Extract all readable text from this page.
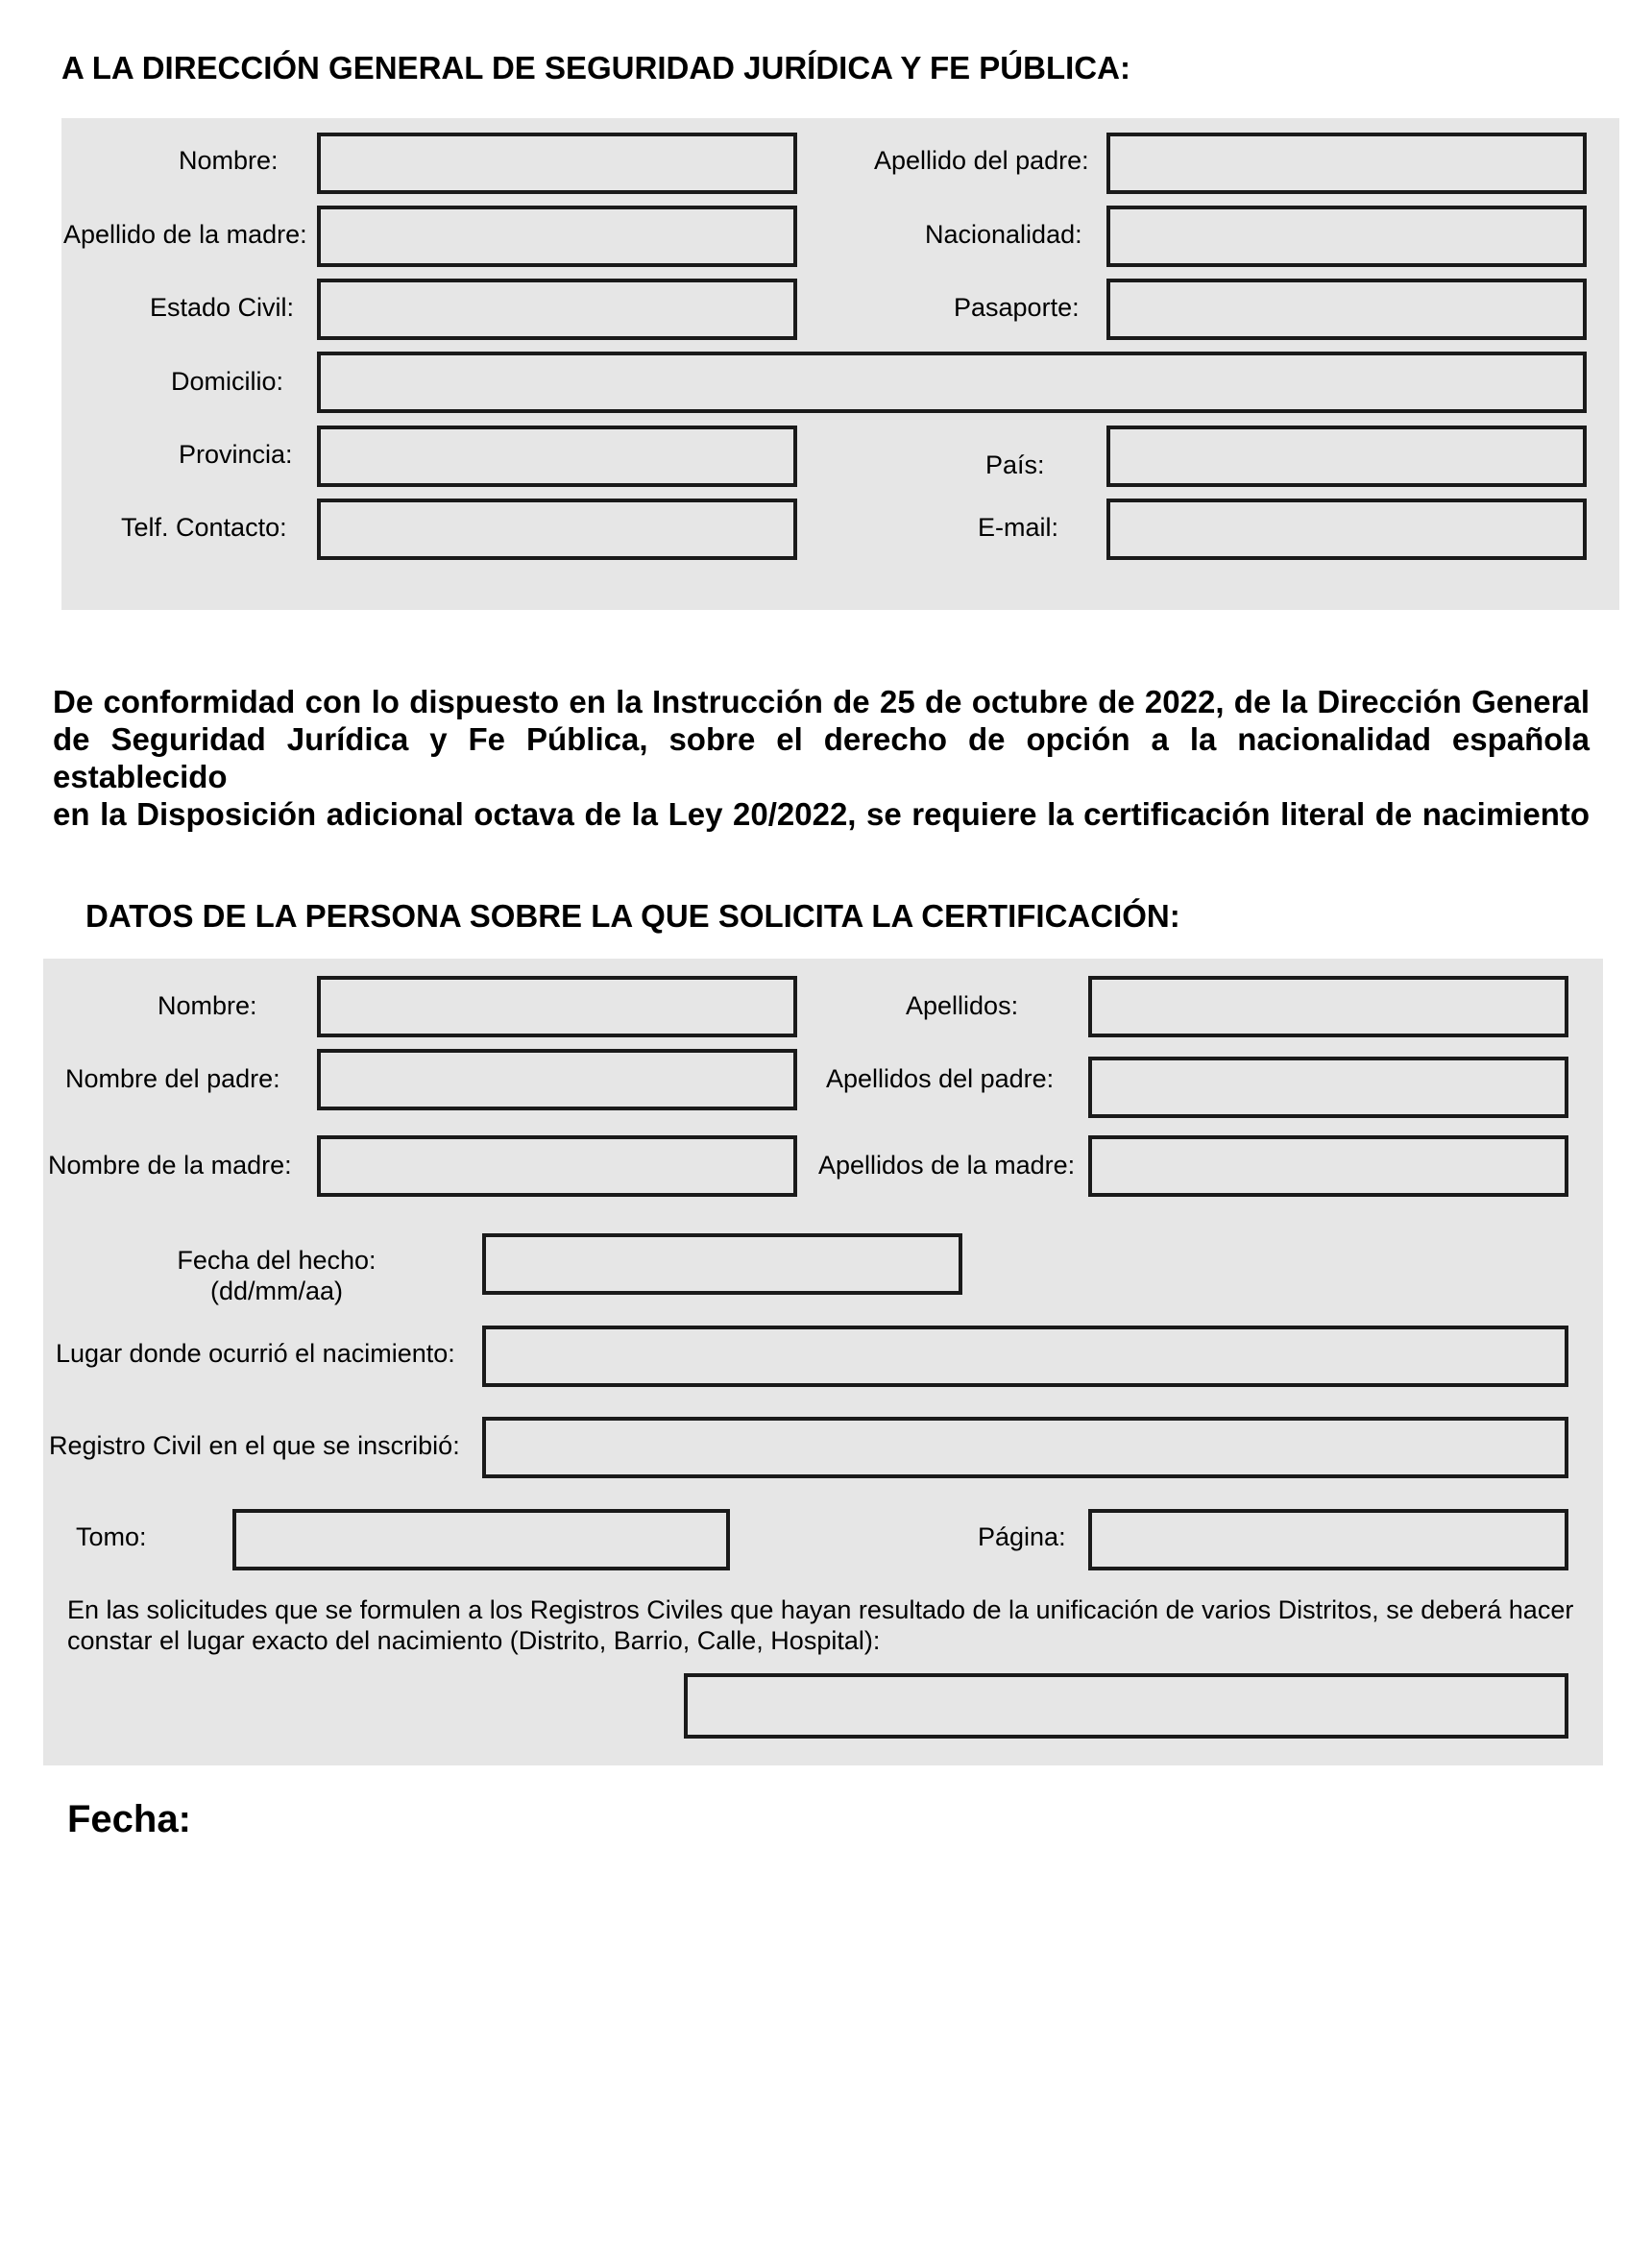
A LA DIRECCIÓN GENERAL DE SEGURIDAD JURÍDICA Y FE PÚBLICA:
Nombre:	Apellido del padre:
Apellido de la madre:	Nacionalidad:
Estado Civil:	Pasaporte:
Domicilio:
Provincia:	País:
Telf. Contacto:	E-mail:
De conformidad con lo dispuesto en la Instrucción de 25 de octubre de 2022, de la Dirección General
de Seguridad Jurídica y Fe Pública, sobre el derecho de opción a la nacionalidad española establecido
en la Disposición adicional octava de la Ley 20/2022, se requiere la certificación literal de nacimiento
DATOS DE LA PERSONA SOBRE LA QUE SOLICITA LA CERTIFICACIÓN:
Nombre:	Apellidos:
Nombre del padre:	Apellidos del padre:
Nombre de la madre:	Apellidos de la madre:
Fecha del hecho:
(dd/mm/aa)
Lugar donde ocurrió el nacimiento:
Registro Civil en el que se inscribió:
Tomo:	Página:
En las solicitudes que se formulen a los Registros Civiles que hayan resultado de la unificación de varios Distritos, se deberá hacer constar el lugar exacto del nacimiento (Distrito, Barrio, Calle, Hospital):
Fecha:
